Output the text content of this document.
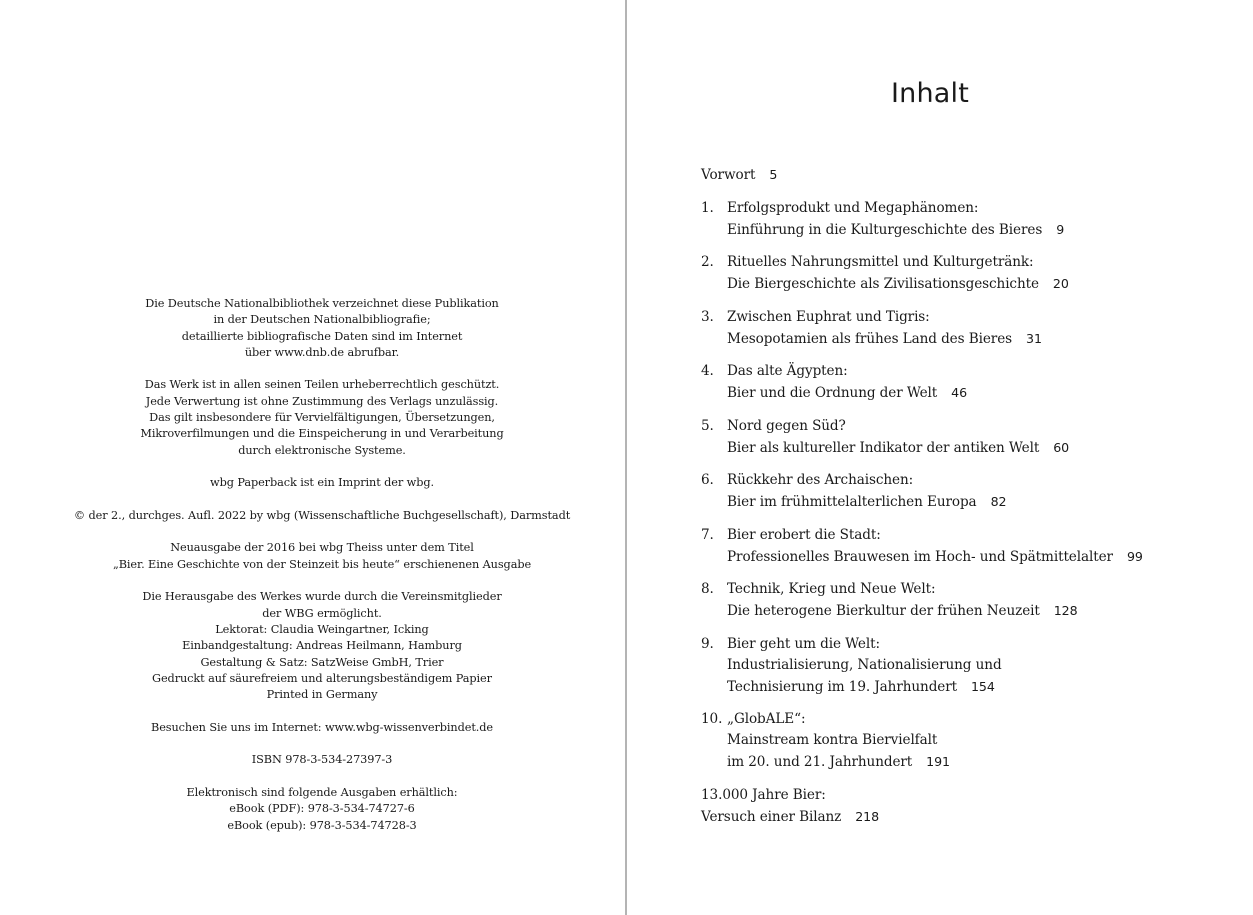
Die Deutsche Nationalbibliothek verzeichnet diese Publikation
in der Deutschen Nationalbibliografie;
detaillierte bibliografische Daten sind im Internet
über www.dnb.de abrufbar.
Das Werk ist in allen seinen Teilen urheberrechtlich geschützt.
Jede Verwertung ist ohne Zustimmung des Verlags unzulässig.
Das gilt insbesondere für Vervielfältigungen, Übersetzungen,
Mikroverfilmungen und die Einspeicherung in und Verarbeitung
durch elektronische Systeme.
wbg Paperback ist ein Imprint der wbg.
© der 2., durchges. Aufl. 2022 by wbg (Wissenschaftliche Buchgesellschaft), Darmstadt
Neuausgabe der 2016 bei wbg Theiss unter dem Titel
„Bier. Eine Geschichte von der Steinzeit bis heute“ erschienenen Ausgabe
Die Herausgabe des Werkes wurde durch die Vereinsmitglieder
der WBG ermöglicht.
Lektorat: Claudia Weingartner, Icking
Einbandgestaltung: Andreas Heilmann, Hamburg
Gestaltung & Satz: SatzWeise GmbH, Trier
Gedruckt auf säurefreiem und alterungsbeständigem Papier
Printed in Germany
Besuchen Sie uns im Internet: www.wbg-wissenverbindet.de
ISBN 978-3-534-27397-3
Elektronisch sind folgende Ausgaben erhältlich:
eBook (PDF): 978-3-534-74727-6
eBook (epub): 978-3-534-74728-3
Inhalt
Vorwort 5
1. Erfolgsprodukt und Megaphänomen:
Einführung in die Kulturgeschichte des Bieres 9
2. Rituelles Nahrungsmittel und Kulturgetränk:
Die Biergeschichte als Zivilisationsgeschichte 20
3. Zwischen Euphrat und Tigris:
Mesopotamien als frühes Land des Bieres 31
4. Das alte Ägypten:
Bier und die Ordnung der Welt 46
5. Nord gegen Süd?
Bier als kultureller Indikator der antiken Welt 60
6. Rückkehr des Archaischen:
Bier im frühmittelalterlichen Europa 82
7. Bier erobert die Stadt:
Professionelles Brauwesen im Hoch- und Spätmittelalter 99
8. Technik, Krieg und Neue Welt:
Die heterogene Bierkultur der frühen Neuzeit 128
9. Bier geht um die Welt:
Industrialisierung, Nationalisierung und
Technisierung im 19. Jahrhundert 154
10. „GlobALE“:
Mainstream kontra Biervielfalt
im 20. und 21. Jahrhundert 191
13.000 Jahre Bier:
Versuch einer Bilanz 218
